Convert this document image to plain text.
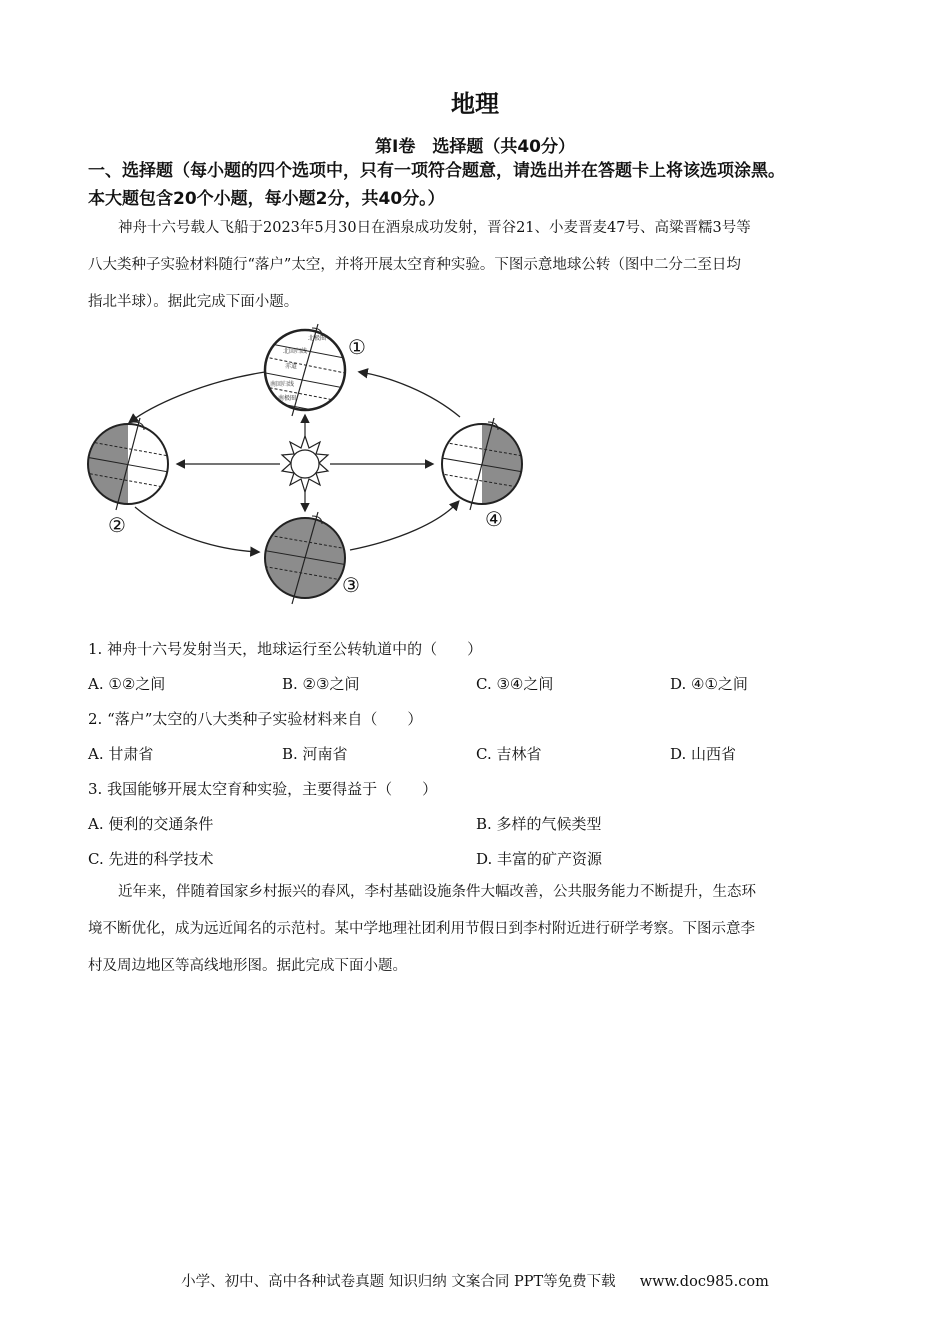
地理
第Ⅰ卷　选择题（共40分）
一、选择题（每小题的四个选项中，只有一项符合题意，请选出并在答题卡上将该选项涂黑。
本大题包含20个小题，每小题2分，共40分。）
神舟十六号载人飞船于2023年5月30日在酒泉成功发射，晋谷21、小麦晋麦47号、高粱晋糯3号等
八大类种子实验材料随行“落户”太空，并将开展太空育种实验。下图示意地球公转（图中二分二至日均
指北半球）。据此完成下面小题。
北极圈
北回归线
赤道
南回归线
南极圈
①
②
③
④
1. 神舟十六号发射当天，地球运行至公转轨道中的（　　）
A. ①②之间	B. ②③之间	C. ③④之间	D. ④①之间
2. “落户”太空的八大类种子实验材料来自（　　）
A. 甘肃省	B. 河南省	C. 吉林省	D. 山西省
3. 我国能够开展太空育种实验，主要得益于（　　）
A. 便利的交通条件	B. 多样的气候类型
C. 先进的科学技术	D. 丰富的矿产资源
近年来，伴随着国家乡村振兴的春风，李村基础设施条件大幅改善，公共服务能力不断提升，生态环
境不断优化，成为远近闻名的示范村。某中学地理社团利用节假日到李村附近进行研学考察。下图示意李
村及周边地区等高线地形图。据此完成下面小题。
小学、初中、高中各种试卷真题 知识归纳 文案合同 PPT等免费下载 www.doc985.com
